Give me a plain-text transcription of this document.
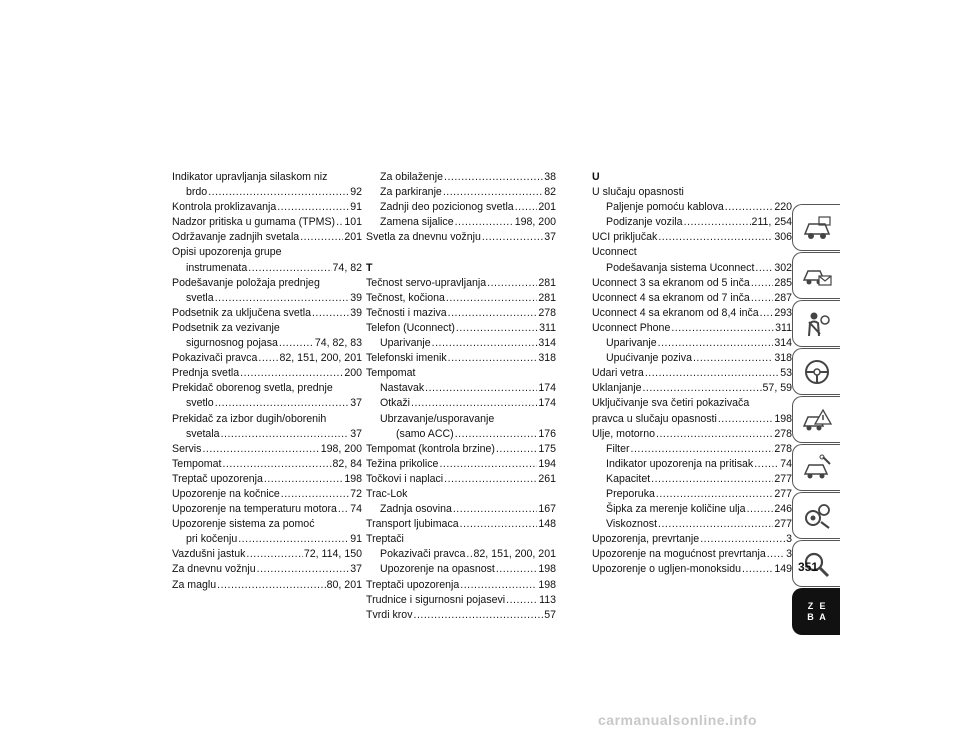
Indikator upravljanja silaskom niz
brdo .....	92
Kontrola proklizavanja .....	91
Nadzor pritiska u gumama (TPMS) ..... 101
Održavanje zadnjih svetala .....	201
Opisi upozorenja grupe
instrumenata .....	74, 82
Podešavanje položaja prednjeg
svetla .....	39
Podsetnik za uključena svetla .....	39
Podsetnik za vezivanje
sigurnosnog pojasa .....	74, 82, 83
Pokazivači pravca ..... 82, 151, 200, 201
Prednja svetla .....	200
Prekidač oborenog svetla, prednje
svetlo .....	37
Prekidač za izbor dugih/oborenih
svetala .....	37
Servis .....	198, 200
Tempomat .....	82, 84
Treptač upozorenja .....	198
Upozorenje na kočnice .....	72
Upozorenje na temperaturu motora ..... 74
Upozorenje sistema za pomoć
pri kočenju .....	91
Vazdušni jastuk .....	72, 114, 150
Za dnevnu vožnju .....	37
Za maglu .....	80, 201
Za obilaženje .....	38
Za parkiranje .....	82
Zadnji deo pozicionog svetla ..... 201
Zamena sijalice .....	198, 200
Svetla za dnevnu vožnju .....	37
T
Tečnost servo-upravljanja .....	281
Tečnost, kočiona .....	281
Tečnosti i maziva .....	278
Telefon (Uconnect) .....	311
Uparivanje .....	314
Telefonski imenik .....	318
Tempomat
Nastavak .....	174
Otkaži .....	174
Ubrzavanje/usporavanje
(samo ACC) .....	176
Tempomat (kontrola brzine) .....	175
Težina prikolice .....	194
Točkovi i naplaci .....	261
Trac-Lok
Zadnja osovina .....	167
Transport ljubimaca .....	148
Treptači
Pokazivači pravca ..... 82, 151, 200, 201
Upozorenje na opasnost .....	198
Treptači upozorenja .....	198
Trudnice i sigurnosni pojasevi .....	113
Tvrdi krov .....	57
U
U slučaju opasnosti
Paljenje pomoću kablova .....	220
Podizanje vozila .....	211, 254
UCI priključak .....	306
Uconnect
Podešavanja sistema Uconnect ..... 302
Uconnect 3 sa ekranom od 5 inča ..... 285
Uconnect 4 sa ekranom od 7 inča ..... 287
Uconnect 4 sa ekranom od 8,4 inča ..... 293
Uconnect Phone .....	311
Uparivanje .....	314
Upućivanje poziva .....	318
Udari vetra .....	53
Uklanjanje .....	57, 59
Uključivanje sva četiri pokazivača
pravca u slučaju opasnosti .....	198
Ulje, motorno .....	278
Filter .....	278
Indikator upozorenja na pritisak .....	74
Kapacitet .....	277
Preporuka .....	277
Šipka za merenje količine ulja .....	246
Viskoznost .....	277
Upozorenja, prevrtanje .....	3
Upozorenje na mogućnost prevrtanja ..... 3
Upozorenje o ugljen-monoksidu .....	149
Z E
B A
351
carmanualsonline.info
